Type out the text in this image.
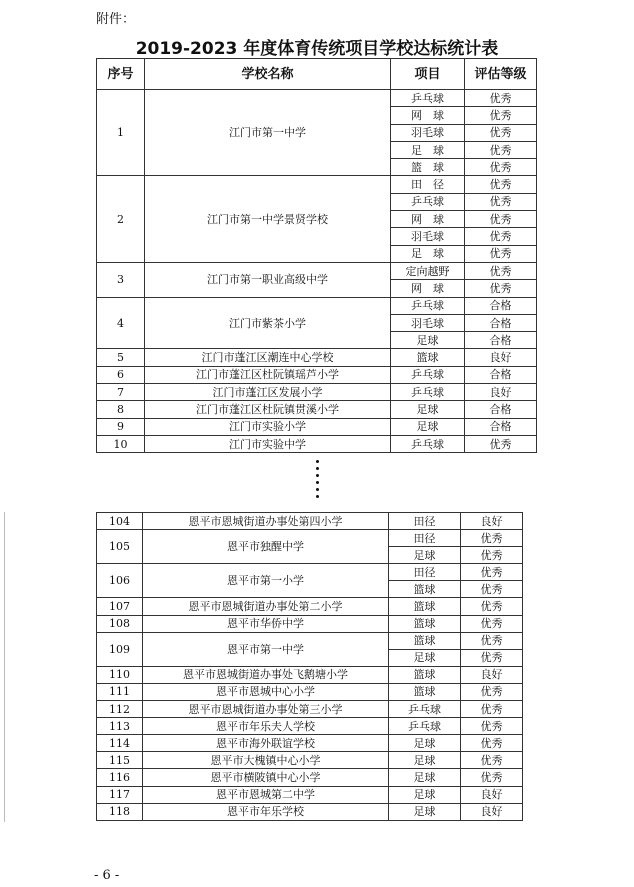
附件：
2019-2023 年度体育传统项目学校达标统计表
序号	学校名称	项目	评估等级
1	江门市第一中学	乒乓球	优秀
		网　球	优秀
		羽毛球	优秀
		足　球	优秀
		篮　球	优秀
2	江门市第一中学景贤学校	田　径	优秀
		乒乓球	优秀
		网　球	优秀
		羽毛球	优秀
		足　球	优秀
3	江门市第一职业高级中学	定向越野	优秀
		网　球	优秀
4	江门市紫茶小学	乒乓球	合格
		羽毛球	合格
		足球	合格
5	江门市蓬江区潮连中心学校	篮球	良好
6	江门市蓬江区杜阮镇瑶芦小学	乒乓球	合格
7	江门市蓬江区发展小学	乒乓球	良好
8	江门市蓬江区杜阮镇贯溪小学	足球	合格
9	江门市实验小学	足球	合格
10	江门市实验中学	乒乓球	优秀
104	恩平市恩城街道办事处第四小学	田径	良好
105	恩平市独醒中学	田径	优秀
		足球	优秀
106	恩平市第一小学	田径	优秀
		篮球	优秀
107	恩平市恩城街道办事处第二小学	篮球	优秀
108	恩平市华侨中学	篮球	优秀
109	恩平市第一中学	篮球	优秀
		足球	优秀
110	恩平市恩城街道办事处飞鹅塘小学	篮球	良好
111	恩平市恩城中心小学	篮球	优秀
112	恩平市恩城街道办事处第三小学	乒乓球	优秀
113	恩平市年乐夫人学校	乒乓球	优秀
114	恩平市海外联谊学校	足球	优秀
115	恩平市大槐镇中心小学	足球	优秀
116	恩平市横陂镇中心小学	足球	优秀
117	恩平市恩城第二中学	足球	良好
118	恩平市年乐学校	足球	良好
- 6 -
